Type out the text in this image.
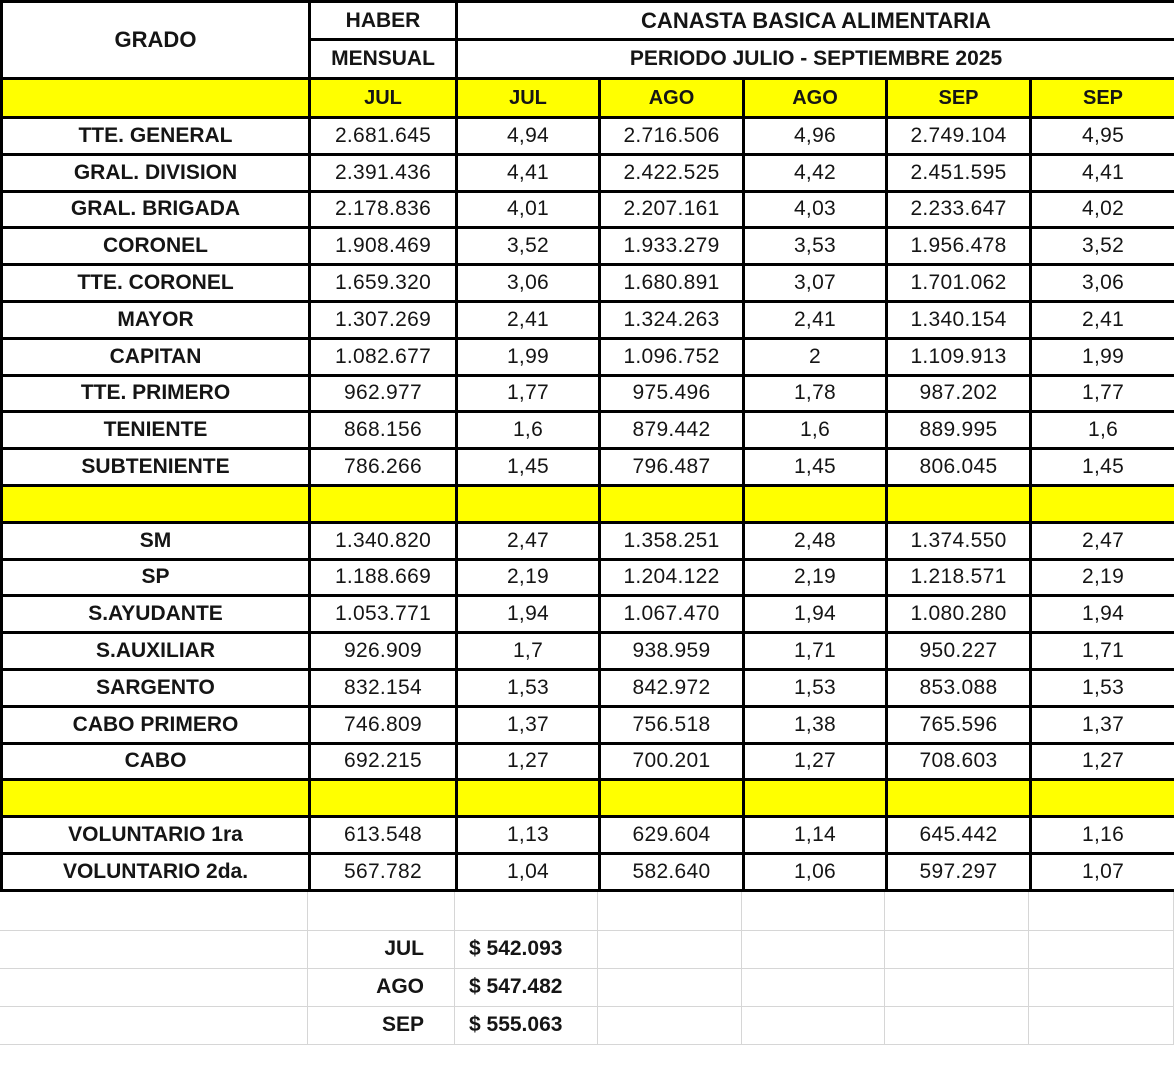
GRADO	HABER	CANASTA BASICA ALIMENTARIA				
	MENSUAL	PERIODO JULIO - SEPTIEMBRE 2025				
	JUL	JUL	AGO	AGO	SEP	SEP
TTE. GENERAL	2.681.645	4,94	2.716.506	4,96	2.749.104	4,95
GRAL. DIVISION	2.391.436	4,41	2.422.525	4,42	2.451.595	4,41
GRAL. BRIGADA	2.178.836	4,01	2.207.161	4,03	2.233.647	4,02
CORONEL	1.908.469	3,52	1.933.279	3,53	1.956.478	3,52
TTE. CORONEL	1.659.320	3,06	1.680.891	3,07	1.701.062	3,06
MAYOR	1.307.269	2,41	1.324.263	2,41	1.340.154	2,41
CAPITAN	1.082.677	1,99	1.096.752	2	1.109.913	1,99
TTE. PRIMERO	962.977	1,77	975.496	1,78	987.202	1,77
TENIENTE	868.156	1,6	879.442	1,6	889.995	1,6
SUBTENIENTE	786.266	1,45	796.487	1,45	806.045	1,45

SM	1.340.820	2,47	1.358.251	2,48	1.374.550	2,47
SP	1.188.669	2,19	1.204.122	2,19	1.218.571	2,19
S.AYUDANTE	1.053.771	1,94	1.067.470	1,94	1.080.280	1,94
S.AUXILIAR	926.909	1,7	938.959	1,71	950.227	1,71
SARGENTO	832.154	1,53	842.972	1,53	853.088	1,53
CABO PRIMERO	746.809	1,37	756.518	1,38	765.596	1,37
CABO	692.215	1,27	700.201	1,27	708.603	1,27

VOLUNTARIO 1ra	613.548	1,13	629.604	1,14	645.442	1,16
VOLUNTARIO 2da.	567.782	1,04	582.640	1,06	597.297	1,07
JUL	$ 542.093
AGO	$ 547.482
SEP	$ 555.063
